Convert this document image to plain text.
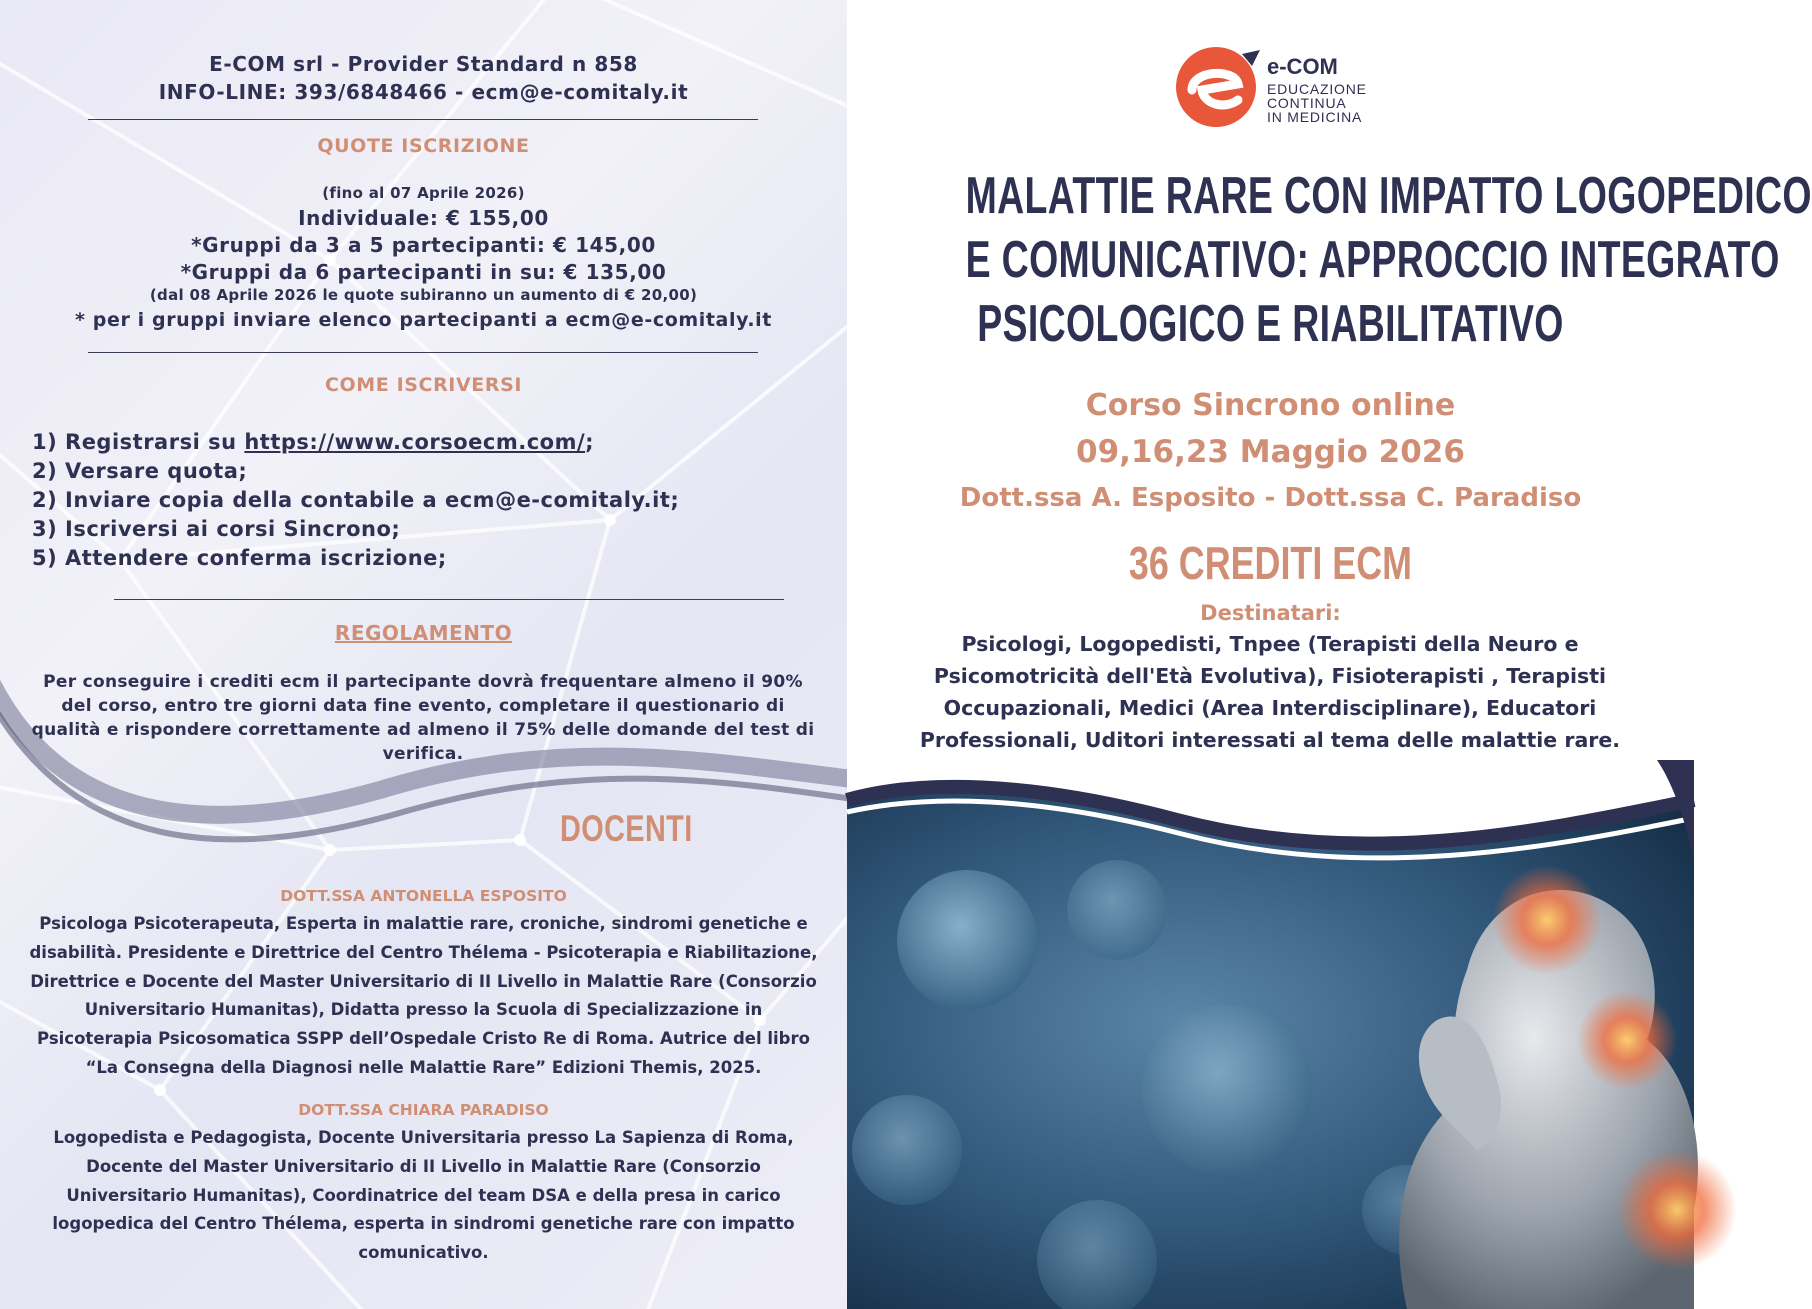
E-COM srl - Provider Standard n 858
INFO-LINE: 393/6848466 - ecm@e-comitaly.it
QUOTE ISCRIZIONE
(fino al 07 Aprile 2026)
Individuale: € 155,00
*Gruppi da 3 a 5 partecipanti: € 145,00
*Gruppi da 6 partecipanti in su: € 135,00
(dal 08 Aprile 2026 le quote subiranno un aumento di € 20,00)
* per i gruppi inviare elenco partecipanti a ecm@e-comitaly.it
COME ISCRIVERSI
1) Registrarsi su https://www.corsoecm.com/;
2) Versare quota;
2) Inviare copia della contabile a ecm@e-comitaly.it;
3) Iscriversi ai corsi Sincrono;
5) Attendere conferma iscrizione;
REGOLAMENTO
Per conseguire i crediti ecm il partecipante dovrà frequentare almeno il 90% del corso, entro tre giorni data fine evento, completare il questionario di qualità e rispondere correttamente ad almeno il 75% delle domande del test di verifica.
DOCENTI
DOTT.SSA ANTONELLA ESPOSITO
Psicologa Psicoterapeuta, Esperta in malattie rare, croniche, sindromi genetiche e disabilità. Presidente e Direttrice del Centro Thélema - Psicoterapia e Riabilitazione, Direttrice e Docente del Master Universitario di II Livello in Malattie Rare (Consorzio Universitario Humanitas), Didatta presso la Scuola di Specializzazione in Psicoterapia Psicosomatica SSPP dell’Ospedale Cristo Re di Roma. Autrice del libro “La Consegna della Diagnosi nelle Malattie Rare” Edizioni Themis, 2025.
DOTT.SSA CHIARA PARADISO
Logopedista e Pedagogista, Docente Universitaria presso La Sapienza di Roma, Docente del Master Universitario di II Livello in Malattie Rare (Consorzio Universitario Humanitas), Coordinatrice del team DSA e della presa in carico logopedica del Centro Thélema, esperta in sindromi genetiche rare con impatto comunicativo.
e-COM
EDUCAZIONE
CONTINUA
IN MEDICINA
MALATTIE RARE CON IMPATTO LOGOPEDICO
E COMUNICATIVO: APPROCCIO INTEGRATO
PSICOLOGICO E RIABILITATIVO
Corso Sincrono online
09,16,23 Maggio 2026
Dott.ssa A. Esposito - Dott.ssa C. Paradiso
36 CREDITI ECM
Destinatari:
Psicologi, Logopedisti, Tnpee (Terapisti della Neuro e Psicomotricità dell'Età Evolutiva), Fisioterapisti , Terapisti Occupazionali, Medici (Area Interdisciplinare), Educatori Professionali, Uditori interessati al tema delle malattie rare.
